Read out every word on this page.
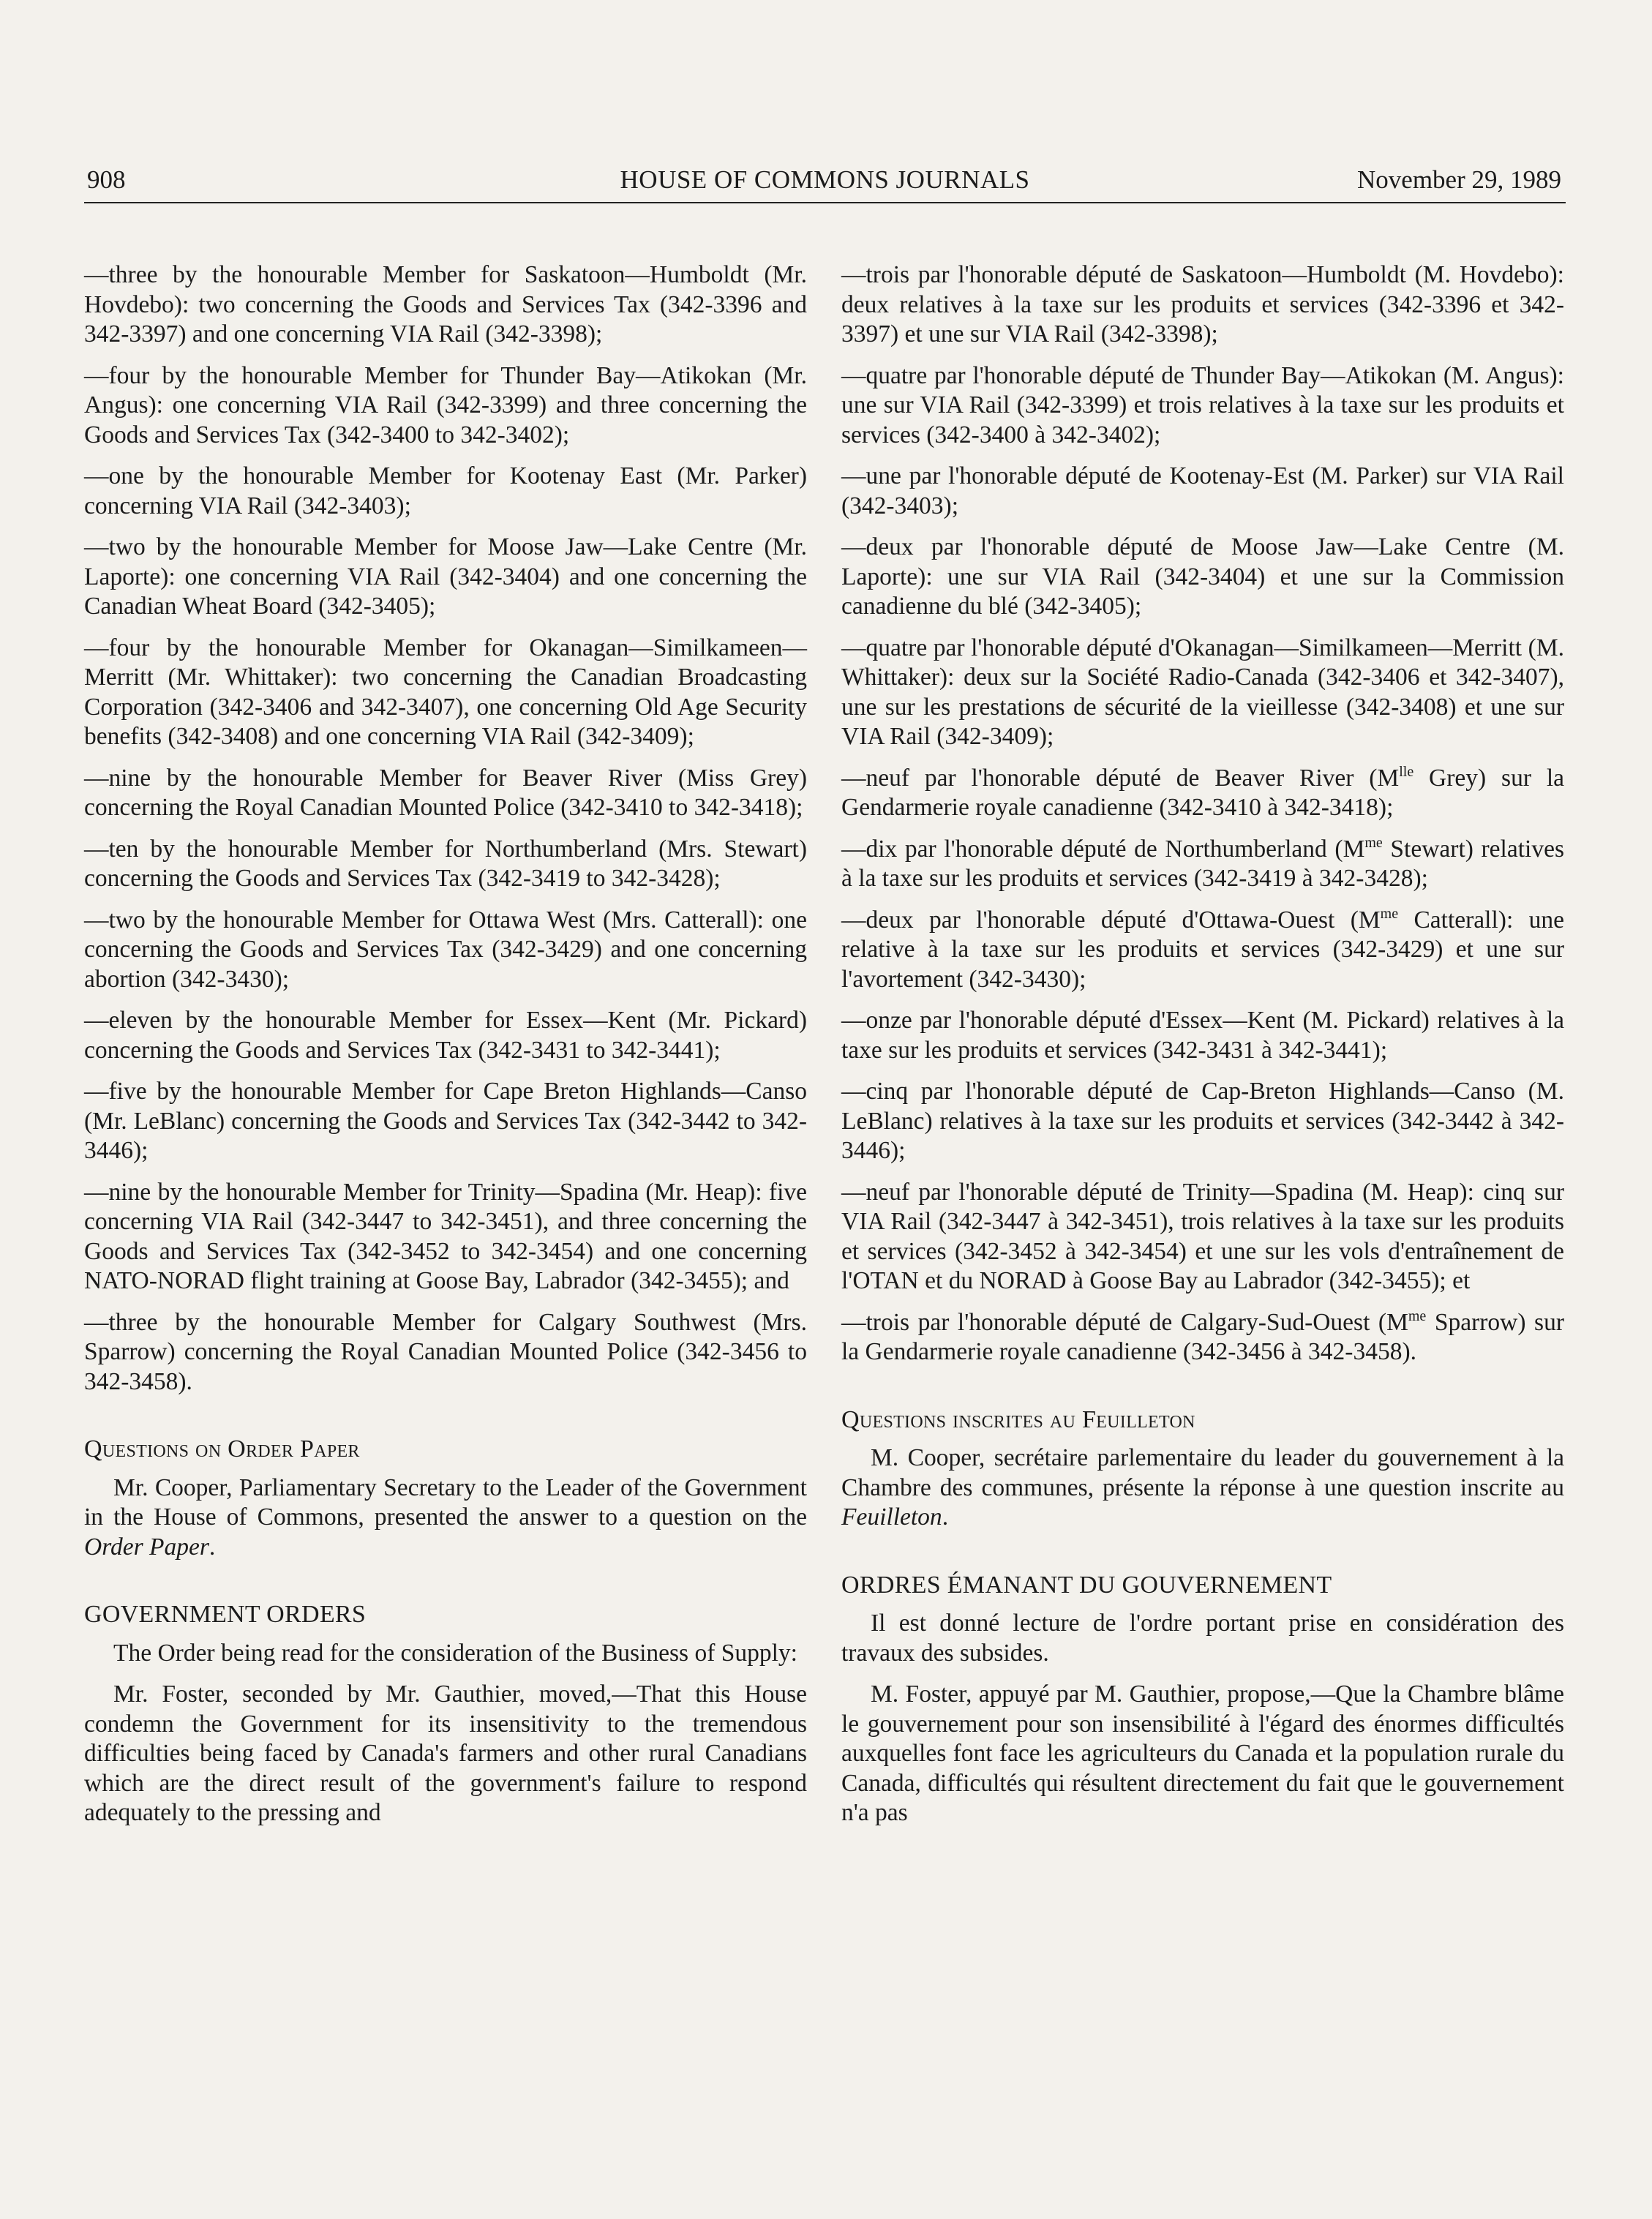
908	HOUSE OF COMMONS JOURNALS	November 29, 1989

—three by the honourable Member for Saskatoon—Humboldt (Mr. Hovdebo): two concerning the Goods and Services Tax (342-3396 and 342-3397) and one concerning VIA Rail (342-3398);

—four by the honourable Member for Thunder Bay—Atikokan (Mr. Angus): one concerning VIA Rail (342-3399) and three concerning the Goods and Services Tax (342-3400 to 342-3402);

—one by the honourable Member for Kootenay East (Mr. Parker) concerning VIA Rail (342-3403);

—two by the honourable Member for Moose Jaw—Lake Centre (Mr. Laporte): one concerning VIA Rail (342-3404) and one concerning the Canadian Wheat Board (342-3405);

—four by the honourable Member for Okanagan—Similkameen—Merritt (Mr. Whittaker): two concerning the Canadian Broadcasting Corporation (342-3406 and 342-3407), one concerning Old Age Security benefits (342-3408) and one concerning VIA Rail (342-3409);

—nine by the honourable Member for Beaver River (Miss Grey) concerning the Royal Canadian Mounted Police (342-3410 to 342-3418);

—ten by the honourable Member for Northumberland (Mrs. Stewart) concerning the Goods and Services Tax (342-3419 to 342-3428);

—two by the honourable Member for Ottawa West (Mrs. Catterall): one concerning the Goods and Services Tax (342-3429) and one concerning abortion (342-3430);

—eleven by the honourable Member for Essex—Kent (Mr. Pickard) concerning the Goods and Services Tax (342-3431 to 342-3441);

—five by the honourable Member for Cape Breton Highlands—Canso (Mr. LeBlanc) concerning the Goods and Services Tax (342-3442 to 342-3446);

—nine by the honourable Member for Trinity—Spadina (Mr. Heap): five concerning VIA Rail (342-3447 to 342-3451), and three concerning the Goods and Services Tax (342-3452 to 342-3454) and one concerning NATO-NORAD flight training at Goose Bay, Labrador (342-3455); and

—three by the honourable Member for Calgary Southwest (Mrs. Sparrow) concerning the Royal Canadian Mounted Police (342-3456 to 342-3458).

Questions on Order Paper

Mr. Cooper, Parliamentary Secretary to the Leader of the Government in the House of Commons, presented the answer to a question on the Order Paper.

GOVERNMENT ORDERS

The Order being read for the consideration of the Business of Supply:

Mr. Foster, seconded by Mr. Gauthier, moved,—That this House condemn the Government for its insensitivity to the tremendous difficulties being faced by Canada's farmers and other rural Canadians which are the direct result of the government's failure to respond adequately to the pressing and

—trois par l'honorable député de Saskatoon—Humboldt (M. Hovdebo): deux relatives à la taxe sur les produits et services (342-3396 et 342-3397) et une sur VIA Rail (342-3398);

—quatre par l'honorable député de Thunder Bay—Atikokan (M. Angus): une sur VIA Rail (342-3399) et trois relatives à la taxe sur les produits et services (342-3400 à 342-3402);

—une par l'honorable député de Kootenay-Est (M. Parker) sur VIA Rail (342-3403);

—deux par l'honorable député de Moose Jaw—Lake Centre (M. Laporte): une sur VIA Rail (342-3404) et une sur la Commission canadienne du blé (342-3405);

—quatre par l'honorable député d'Okanagan—Similkameen—Merritt (M. Whittaker): deux sur la Société Radio-Canada (342-3406 et 342-3407), une sur les prestations de sécurité de la vieillesse (342-3408) et une sur VIA Rail (342-3409);

—neuf par l'honorable député de Beaver River ($M^{lle}$ Grey) sur la Gendarmerie royale canadienne (342-3410 à 342-3418);

—dix par l'honorable député de Northumberland ($M^{me}$ Stewart) relatives à la taxe sur les produits et services (342-3419 à 342-3428);

—deux par l'honorable député d'Ottawa-Ouest ($M^{me}$ Catterall): une relative à la taxe sur les produits et services (342-3429) et une sur l'avortement (342-3430);

—onze par l'honorable député d'Essex—Kent (M. Pickard) relatives à la taxe sur les produits et services (342-3431 à 342-3441);

—cinq par l'honorable député de Cap-Breton Highlands—Canso (M. LeBlanc) relatives à la taxe sur les produits et services (342-3442 à 342-3446);

—neuf par l'honorable député de Trinity—Spadina (M. Heap): cinq sur VIA Rail (342-3447 à 342-3451), trois relatives à la taxe sur les produits et services (342-3452 à 342-3454) et une sur les vols d'entraînement de l'OTAN et du NORAD à Goose Bay au Labrador (342-3455); et

—trois par l'honorable député de Calgary-Sud-Ouest ($M^{me}$ Sparrow) sur la Gendarmerie royale canadienne (342-3456 à 342-3458).

Questions inscrites au Feuilleton

M. Cooper, secrétaire parlementaire du leader du gouvernement à la Chambre des communes, présente la réponse à une question inscrite au Feuilleton.

ORDRES ÉMANANT DU GOUVERNEMENT

Il est donné lecture de l'ordre portant prise en considération des travaux des subsides.

M. Foster, appuyé par M. Gauthier, propose,—Que la Chambre blâme le gouvernement pour son insensibilité à l'égard des énormes difficultés auxquelles font face les agriculteurs du Canada et la population rurale du Canada, difficultés qui résultent directement du fait que le gouvernement n'a pas
